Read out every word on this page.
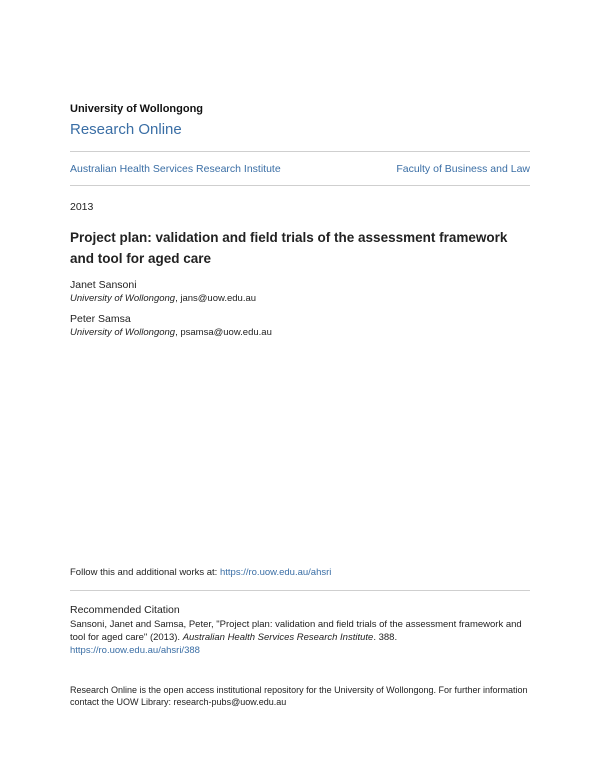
University of Wollongong
Research Online
Australian Health Services Research Institute	Faculty of Business and Law
2013
Project plan: validation and field trials of the assessment framework and tool for aged care
Janet Sansoni
University of Wollongong, jans@uow.edu.au
Peter Samsa
University of Wollongong, psamsa@uow.edu.au
Follow this and additional works at: https://ro.uow.edu.au/ahsri
Recommended Citation
Sansoni, Janet and Samsa, Peter, "Project plan: validation and field trials of the assessment framework and tool for aged care" (2013). Australian Health Services Research Institute. 388.
https://ro.uow.edu.au/ahsri/388
Research Online is the open access institutional repository for the University of Wollongong. For further information contact the UOW Library: research-pubs@uow.edu.au
